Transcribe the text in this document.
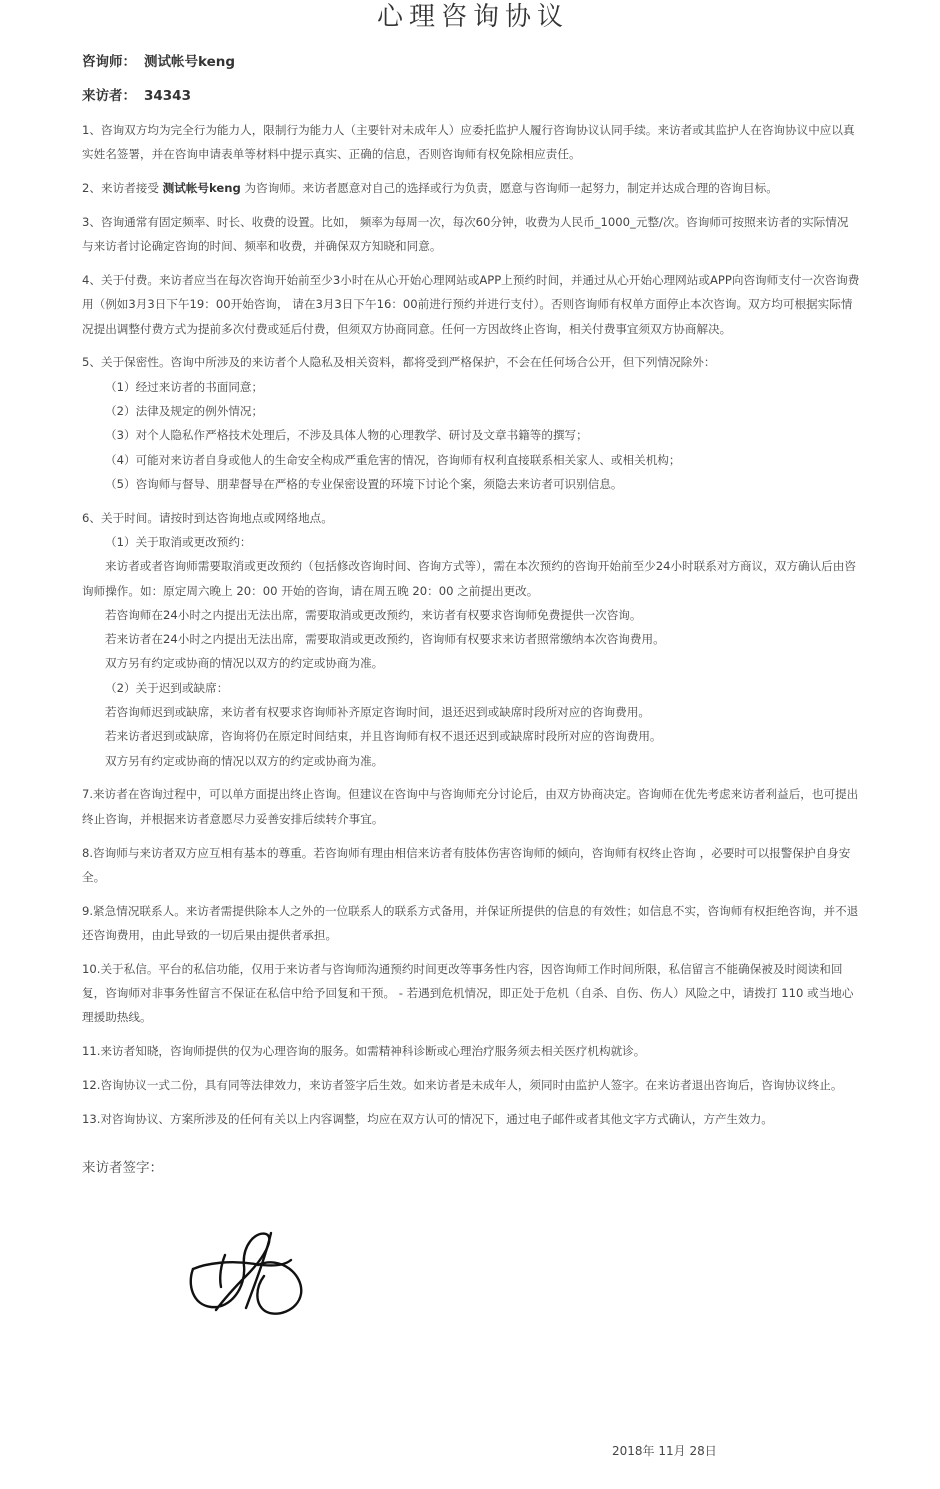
心理咨询协议
咨询师： 测试帐号keng
来访者： 34343

1、咨询双方均为完全行为能力人，限制行为能力人（主要针对未成年人）应委托监护人履行咨询协议认同手续。来访者或其监护人在咨询协议中应以真实姓名签署，并在咨询申请表单等材料中提示真实、正确的信息，否则咨询师有权免除相应责任。

2、来访者接受 测试帐号keng 为咨询师。来访者愿意对自己的选择或行为负责，愿意与咨询师一起努力，制定并达成合理的咨询目标。

3、咨询通常有固定频率、时长、收费的设置。比如， 频率为每周一次，每次60分钟，收费为人民币_1000_元整/次。咨询师可按照来访者的实际情况与来访者讨论确定咨询的时间、频率和收费，并确保双方知晓和同意。

4、关于付费。来访者应当在每次咨询开始前至少3小时在从心开始心理网站或APP上预约时间，并通过从心开始心理网站或APP向咨询师支付一次咨询费用（例如3月3日下午19：00开始咨询， 请在3月3日下午16：00前进行预约并进行支付）。否则咨询师有权单方面停止本次咨询。双方均可根据实际情况提出调整付费方式为提前多次付费或延后付费，但须双方协商同意。任何一方因故终止咨询，相关付费事宜须双方协商解决。

5、关于保密性。咨询中所涉及的来访者个人隐私及相关资料，都将受到严格保护，不会在任何场合公开，但下列情况除外：
（1）经过来访者的书面同意；
（2）法律及规定的例外情况；
（3）对个人隐私作严格技术处理后，不涉及具体人物的心理教学、研讨及文章书籍等的撰写；
（4）可能对来访者自身或他人的生命安全构成严重危害的情况，咨询师有权利直接联系相关家人、或相关机构；
（5）咨询师与督导、朋辈督导在严格的专业保密设置的环境下讨论个案，须隐去来访者可识别信息。
6、关于时间。请按时到达咨询地点或网络地点。
（1）关于取消或更改预约：
来访者或者咨询师需要取消或更改预约（包括修改咨询时间、咨询方式等），需在本次预约的咨询开始前至少24小时联系对方商议，双方确认后由咨询师操作。如：原定周六晚上 20：00 开始的咨询，请在周五晚 20：00 之前提出更改。
若咨询师在24小时之内提出无法出席，需要取消或更改预约，来访者有权要求咨询师免费提供一次咨询。
若来访者在24小时之内提出无法出席，需要取消或更改预约，咨询师有权要求来访者照常缴纳本次咨询费用。
双方另有约定或协商的情况以双方的约定或协商为准。
（2）关于迟到或缺席：
若咨询师迟到或缺席，来访者有权要求咨询师补齐原定咨询时间，退还迟到或缺席时段所对应的咨询费用。
若来访者迟到或缺席，咨询将仍在原定时间结束，并且咨询师有权不退还迟到或缺席时段所对应的咨询费用。
双方另有约定或协商的情况以双方的约定或协商为准。

7.来访者在咨询过程中，可以单方面提出终止咨询。但建议在咨询中与咨询师充分讨论后，由双方协商决定。咨询师在优先考虑来访者利益后，也可提出终止咨询，并根据来访者意愿尽力妥善安排后续转介事宜。

8.咨询师与来访者双方应互相有基本的尊重。若咨询师有理由相信来访者有肢体伤害咨询师的倾向，咨询师有权终止咨询 ，必要时可以报警保护自身安全。

9.紧急情况联系人。来访者需提供除本人之外的一位联系人的联系方式备用，并保证所提供的信息的有效性；如信息不实，咨询师有权拒绝咨询，并不退还咨询费用，由此导致的一切后果由提供者承担。

10.关于私信。平台的私信功能，仅用于来访者与咨询师沟通预约时间更改等事务性内容，因咨询师工作时间所限，私信留言不能确保被及时阅读和回复，咨询师对非事务性留言不保证在私信中给予回复和干预。 - 若遇到危机情况，即正处于危机（自杀、自伤、伤人）风险之中，请拨打 110 或当地心理援助热线。

11.来访者知晓，咨询师提供的仅为心理咨询的服务。如需精神科诊断或心理治疗服务须去相关医疗机构就诊。

12.咨询协议一式二份，具有同等法律效力，来访者签字后生效。如来访者是未成年人，须同时由监护人签字。在来访者退出咨询后，咨询协议终止。

13.对咨询协议、方案所涉及的任何有关以上内容调整，均应在双方认可的情况下，通过电子邮件或者其他文字方式确认，方产生效力。

来访者签字：
2018年 11月 28日
